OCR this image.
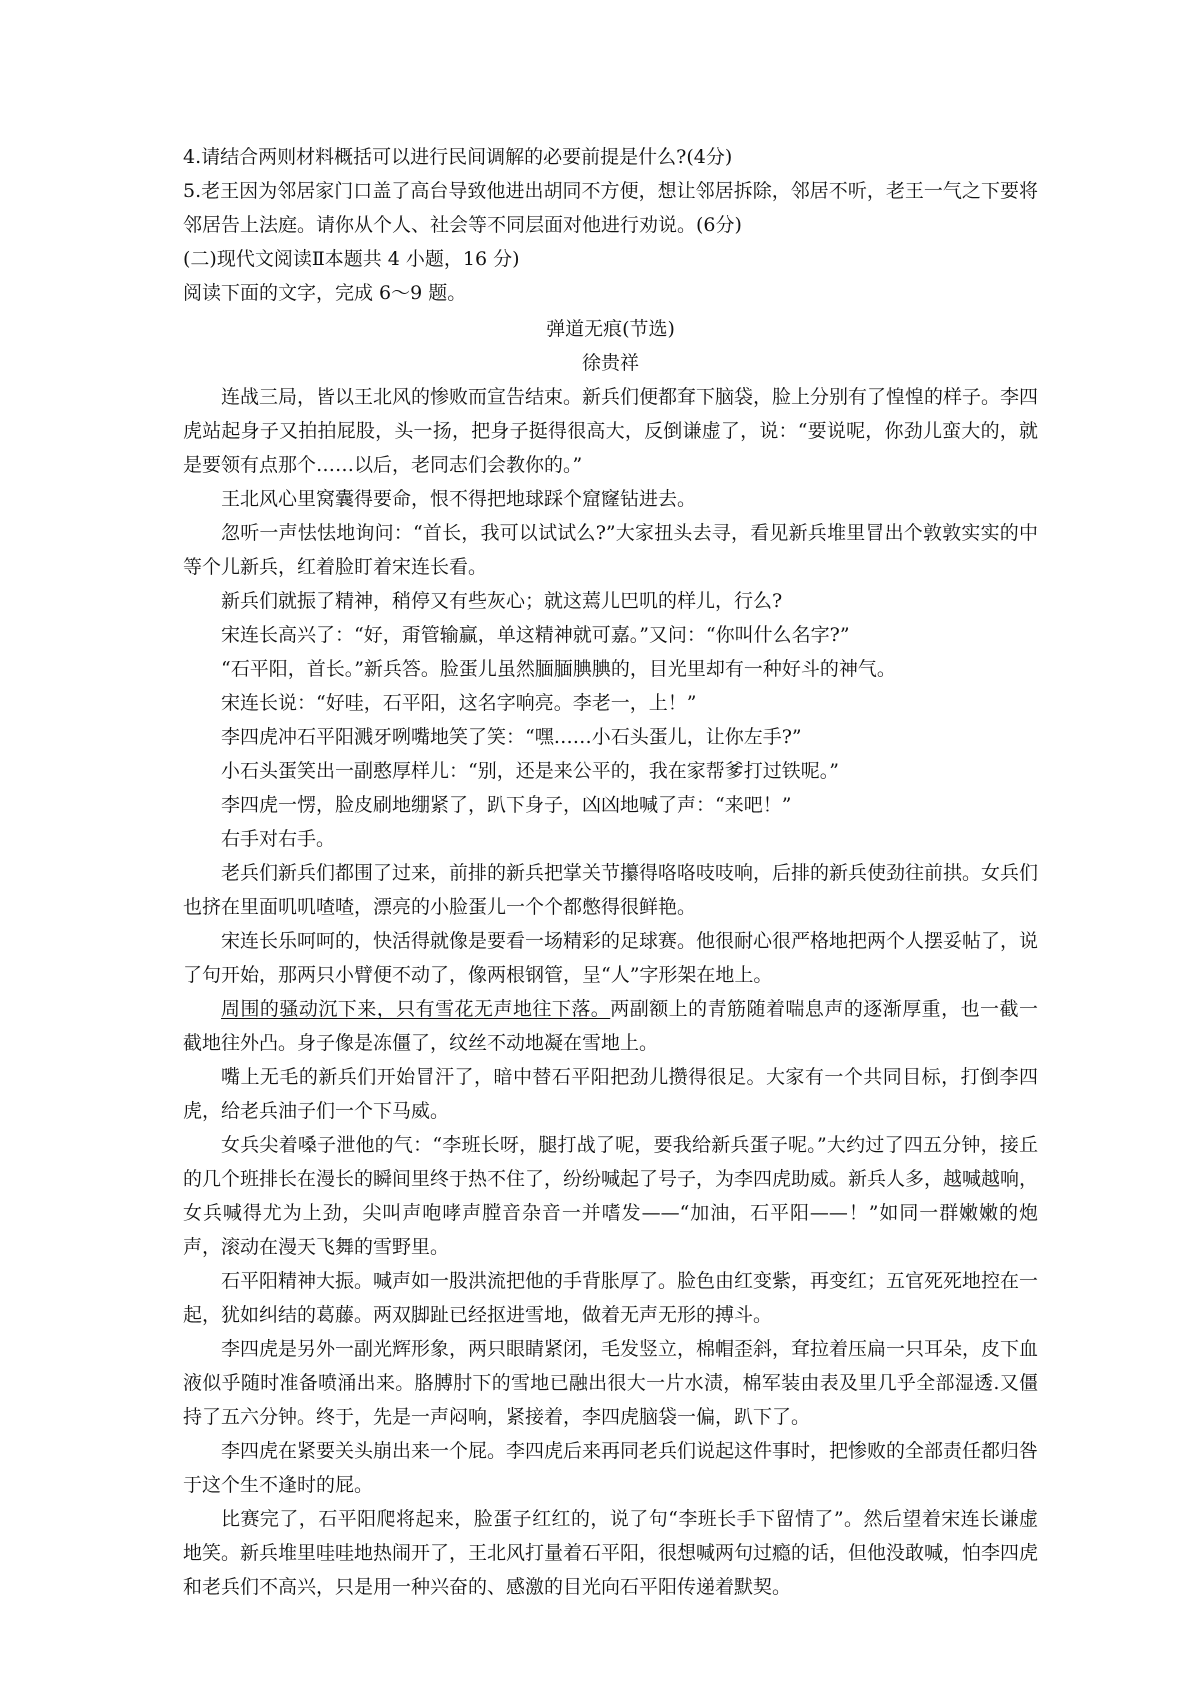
4.请结合两则材料概括可以进行民间调解的必要前提是什么?(4分)

5.老王因为邻居家门口盖了高台导致他进出胡同不方便，想让邻居拆除，邻居不听，老王一气之下要将邻居告上法庭。请你从个人、社会等不同层面对他进行劝说。(6分)

(二)现代文阅读Ⅱ本题共 4 小题，16 分)

阅读下面的文字，完成 6～9 题。

弹道无痕(节选)

徐贵祥

连战三局，皆以王北风的惨败而宣告结束。新兵们便都耷下脑袋，脸上分别有了惶惶的样子。李四虎站起身子又拍拍屁股，头一扬，把身子挺得很高大，反倒谦虚了，说：“要说呢，你劲儿蛮大的，就是要领有点那个……以后，老同志们会教你的。”

王北风心里窝囊得要命，恨不得把地球踩个窟窿钻进去。

忽听一声怯怯地询问：“首长，我可以试试么?”大家扭头去寻，看见新兵堆里冒出个敦敦实实的中等个儿新兵，红着脸盯着宋连长看。

新兵们就振了精神，稍停又有些灰心；就这蔫儿巴叽的样儿，行么?

宋连长高兴了：“好，甭管输赢，单这精神就可嘉。”又问：“你叫什么名字?”

“石平阳，首长。”新兵答。脸蛋儿虽然腼腼腆腆的，目光里却有一种好斗的神气。

宋连长说：“好哇，石平阳，这名字响亮。李老一，上！”

李四虎冲石平阳溅牙咧嘴地笑了笑：“嘿……小石头蛋儿，让你左手?”

小石头蛋笑出一副憨厚样儿：“别，还是来公平的，我在家帮爹打过铁呢。”

李四虎一愣，脸皮刷地绷紧了，趴下身子，凶凶地喊了声：“来吧！”

右手对右手。

老兵们新兵们都围了过来，前排的新兵把掌关节攥得咯咯吱吱响，后排的新兵使劲往前拱。女兵们也挤在里面叽叽喳喳，漂亮的小脸蛋儿一个个都憋得很鲜艳。

宋连长乐呵呵的，快活得就像是要看一场精彩的足球赛。他很耐心很严格地把两个人摆妥帖了，说了句开始，那两只小臂便不动了，像两根钢管，呈“人”字形架在地上。

周围的骚动沉下来，只有雪花无声地往下落。两副额上的青筋随着喘息声的逐渐厚重，也一截一截地往外凸。身子像是冻僵了，纹丝不动地凝在雪地上。

嘴上无毛的新兵们开始冒汗了，暗中替石平阳把劲儿攒得很足。大家有一个共同目标，打倒李四虎，给老兵油子们一个下马威。

女兵尖着嗓子泄他的气：“李班长呀，腿打战了呢，要我给新兵蛋子呢。”大约过了四五分钟，接丘的几个班排长在漫长的瞬间里终于热不住了，纷纷喊起了号子，为李四虎助威。新兵人多，越喊越响，女兵喊得尤为上劲，尖叫声咆哮声膛音杂音一并嗜发——“加油，石平阳——！”如同一群嫩嫩的炮声，滚动在漫天飞舞的雪野里。

石平阳精神大振。喊声如一股洪流把他的手背胀厚了。脸色由红变紫，再变红；五官死死地控在一起，犹如纠结的葛藤。两双脚趾已经抠进雪地，做着无声无形的搏斗。

李四虎是另外一副光辉形象，两只眼睛紧闭，毛发竖立，棉帽歪斜，耷拉着压扁一只耳朵，皮下血液似乎随时准备喷涌出来。胳膊肘下的雪地已融出很大一片水渍，棉军装由表及里几乎全部湿透.又僵持了五六分钟。终于，先是一声闷响，紧接着，李四虎脑袋一偏，趴下了。

李四虎在紧要关头崩出来一个屁。李四虎后来再同老兵们说起这件事时，把惨败的全部责任都归咎于这个生不逢时的屁。

比赛完了，石平阳爬将起来，脸蛋子红红的，说了句“李班长手下留情了”。然后望着宋连长谦虚地笑。新兵堆里哇哇地热闹开了，王北风打量着石平阳，很想喊两句过瘾的话，但他没敢喊，怕李四虎和老兵们不高兴，只是用一种兴奋的、感激的目光向石平阳传递着默契。
